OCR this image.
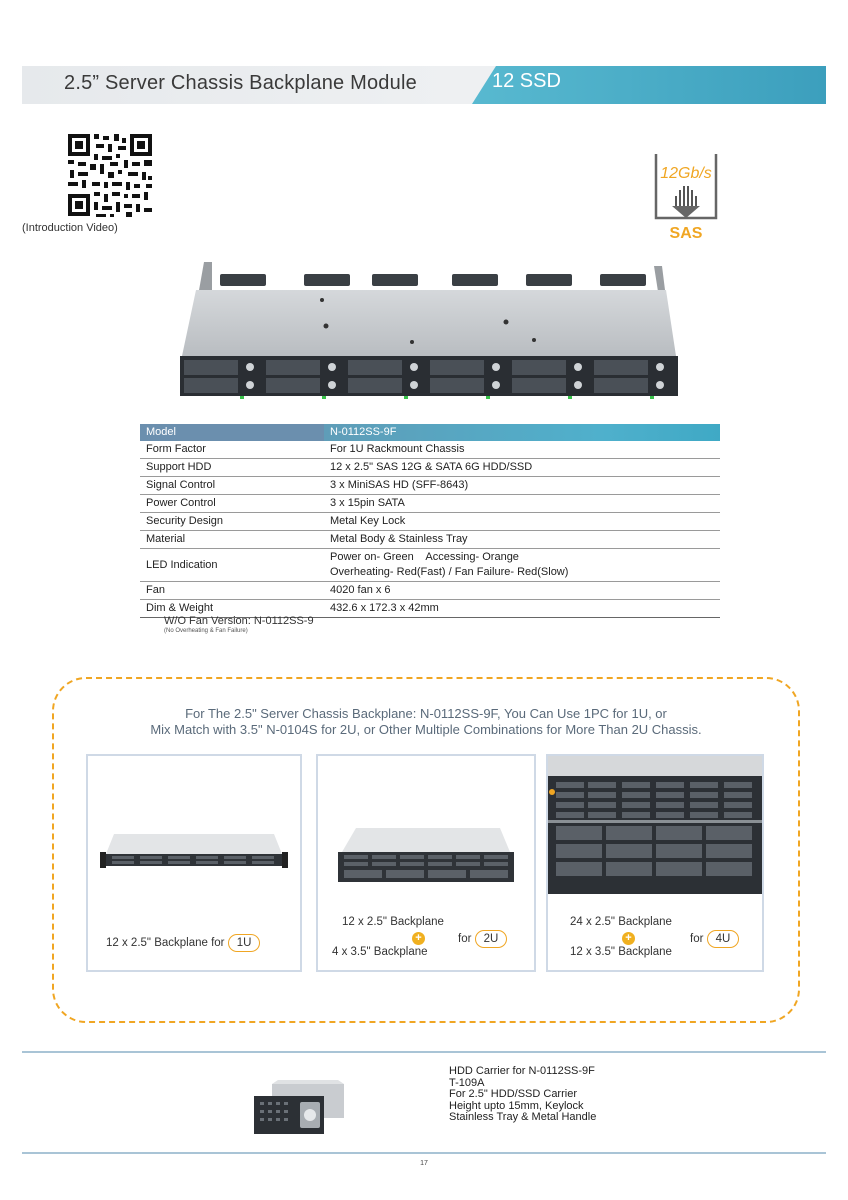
2.5” Server Chassis Backplane Module	12 SSD
(Introduction Video)
12Gb/s
SAS
Model	N-0112SS-9F
Form Factor	For 1U Rackmount Chassis
Support HDD	12 x 2.5" SAS 12G & SATA 6G HDD/SSD
Signal Control	3 x MiniSAS HD (SFF-8643)
Power Control	3 x 15pin SATA
Security Design	Metal Key Lock
Material	Metal Body & Stainless Tray
LED Indication	Power on- Green    Accessing- Orange
Overheating- Red(Fast) / Fan Failure- Red(Slow)

Fan	4020 fan x 6
Dim & Weight	432.6 x 172.3 x 42mm
W/O Fan Version: N-0112SS-9
(No Overheating & Fan Failure)
For The 2.5" Server Chassis Backplane: N-0112SS-9F, You Can Use 1PC for 1U, or
Mix Match with 3.5" N-0104S for 2U, or Other Multiple Combinations for More Than 2U Chassis.
12 x 2.5" Backplane for 1U
12 x 2.5" Backplane
+	for 2U
4 x 3.5" Backplane
24 x 2.5" Backplane
+	for 4U
12 x 3.5" Backplane
HDD Carrier for N-0112SS-9F
T-109A
For 2.5" HDD/SSD Carrier
Height upto 15mm, Keylock
Stainless Tray & Metal Handle
17
